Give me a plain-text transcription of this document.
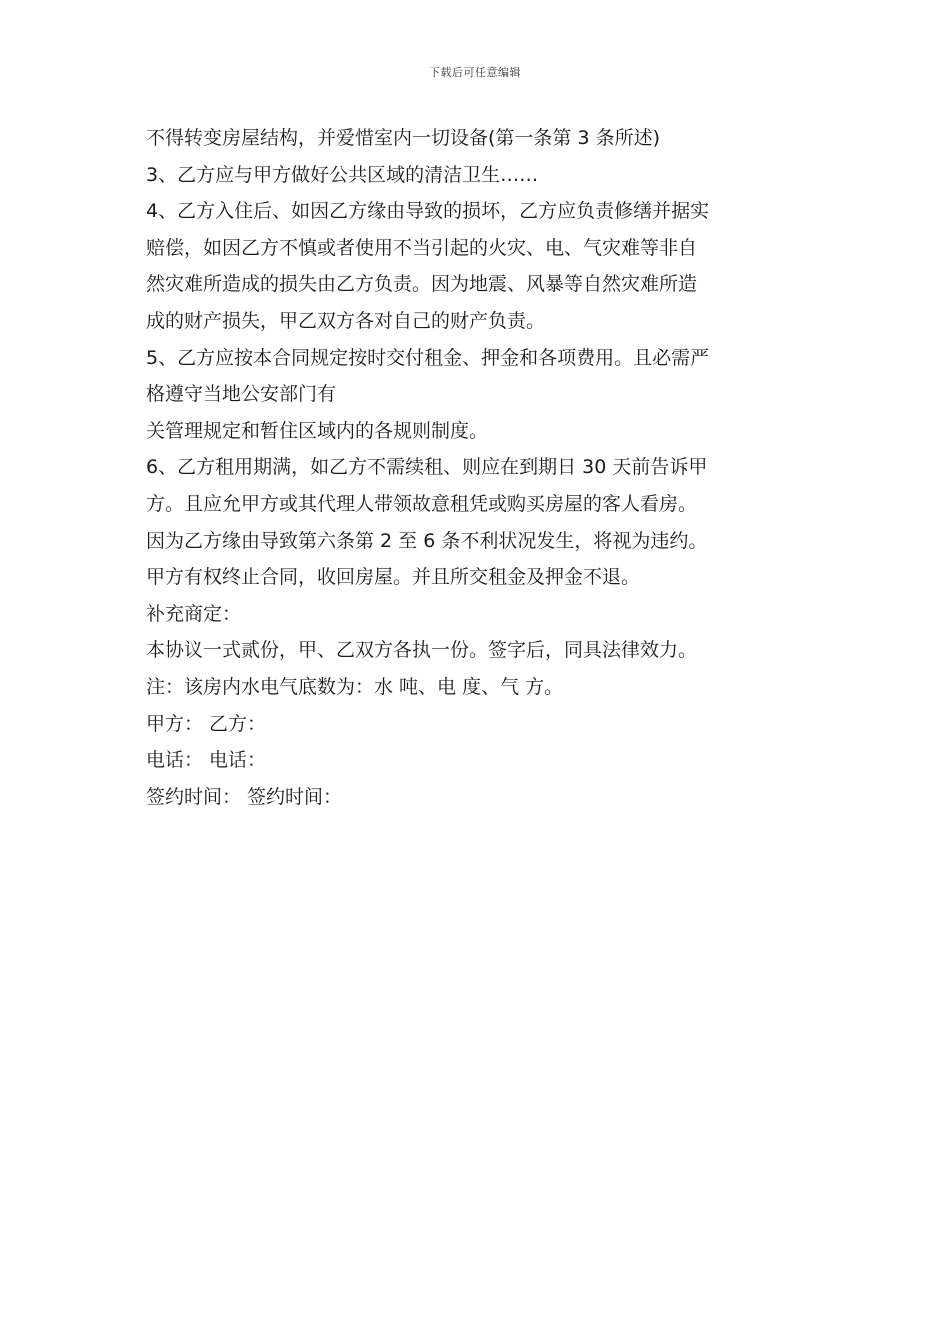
下载后可任意编辑
不得转变房屋结构，并爱惜室内一切设备(第一条第 3 条所述)
3、乙方应与甲方做好公共区域的清洁卫生……
4、乙方入住后、如因乙方缘由导致的损坏，乙方应负责修缮并据实
赔偿，如因乙方不慎或者使用不当引起的火灾、电、气灾难等非自
然灾难所造成的损失由乙方负责。因为地震、风暴等自然灾难所造
成的财产损失，甲乙双方各对自己的财产负责。
5、乙方应按本合同规定按时交付租金、押金和各项费用。且必需严
格遵守当地公安部门有
关管理规定和暂住区域内的各规则制度。
6、乙方租用期满，如乙方不需续租、则应在到期日 30 天前告诉甲
方。且应允甲方或其代理人带领故意租凭或购买房屋的客人看房。
因为乙方缘由导致第六条第 2 至 6 条不利状况发生，将视为违约。
甲方有权终止合同，收回房屋。并且所交租金及押金不退。
补充商定：
本协议一式贰份，甲、乙双方各执一份。签字后，同具法律效力。
注：该房内水电气底数为：水 吨、电 度、气 方。
甲方： 乙方：
电话： 电话：
签约时间： 签约时间：
